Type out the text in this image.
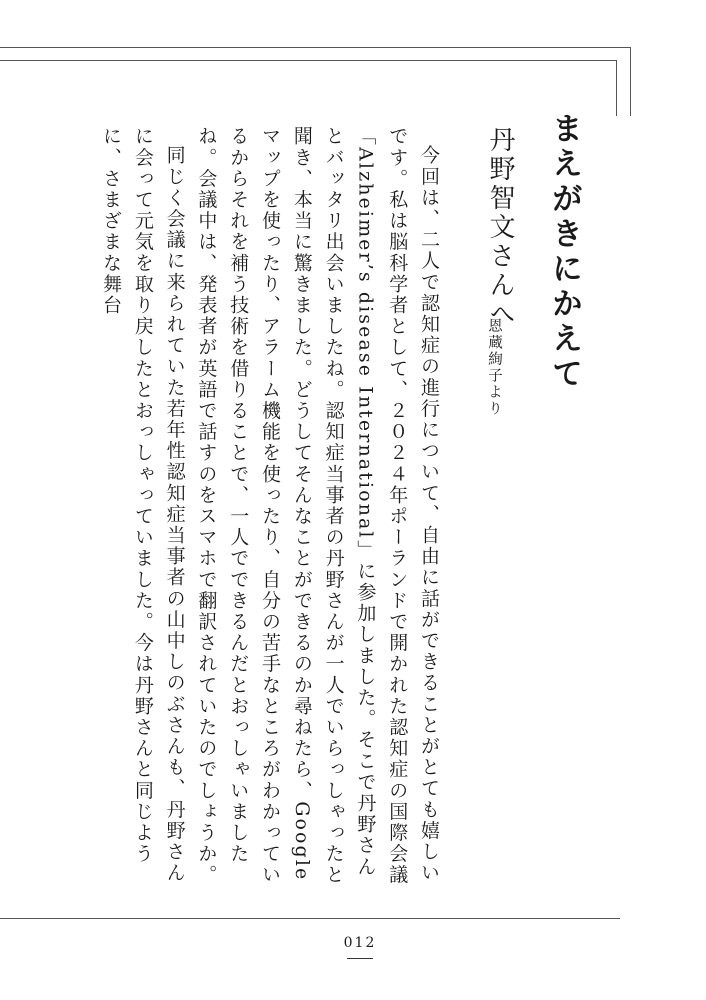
まえがきにかえて
丹野智文さんへ
恩蔵絢子より

今回は、二人で認知症の進行について、自由に話ができることがとても嬉しいです。私は脳科学者として、２０２４年ポーランドで開かれた認知症の国際会議「Alzheimer’s disease International」に参加しました。そこで丹野さんとバッタリ出会いましたね。認知症当事者の丹野さんが一人でいらっしゃったと聞き、本当に驚きました。どうしてそんなことができるのか尋ねたら、Googleマップを使ったり、アラーム機能を使ったり、自分の苦手なところがわかっているからそれを補う技術を借りることで、一人でできるんだとおっしゃいましたね。会議中は、発表者が英語で話すのをスマホで翻訳されていたのでしょうか。

同じく会議に来られていた若年性認知症当事者の山中しのぶさんも、丹野さんに会って元気を取り戻したとおっしゃっていました。今は丹野さんと同じように、さまざまな舞台

012
